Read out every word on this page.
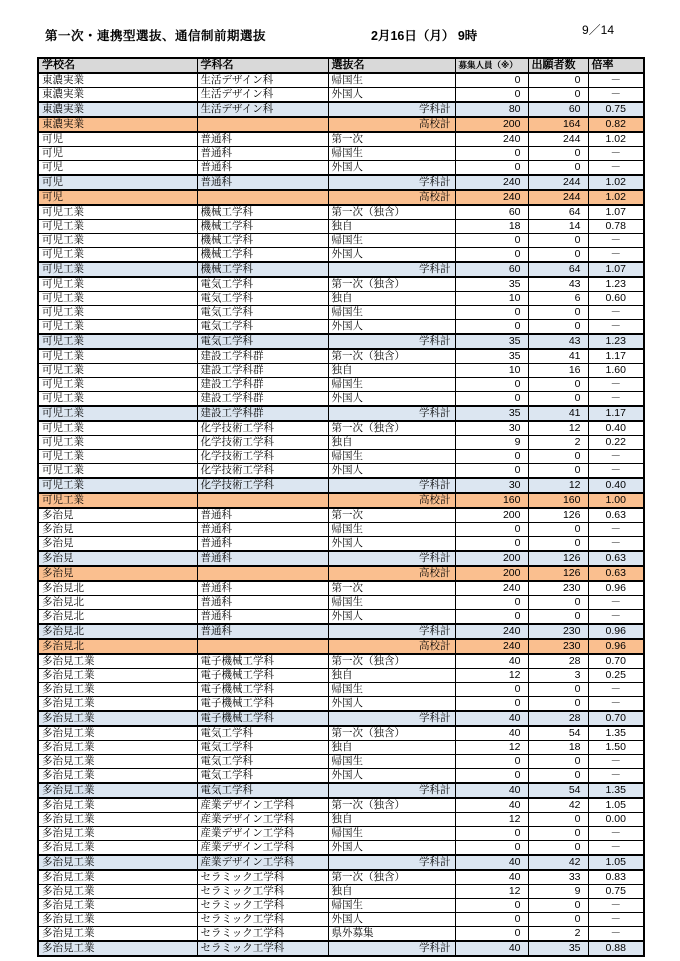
第一次・連携型選抜、通信制前期選抜	2月16日（月） 9時	9／14
学校名	学科名	選抜名	募集人員（※）	出願者数	倍率
東濃実業	生活デザイン科	帰国生	0	0	－
東濃実業	生活デザイン科	外国人	0	0	－
東濃実業	生活デザイン科	学科計	80	60	0.75
東濃実業		高校計	200	164	0.82
可児	普通科	第一次	240	244	1.02
可児	普通科	帰国生	0	0	－
可児	普通科	外国人	0	0	－
可児	普通科	学科計	240	244	1.02
可児		高校計	240	244	1.02
可児工業	機械工学科	第一次（独含）	60	64	1.07
可児工業	機械工学科	独自	18	14	0.78
可児工業	機械工学科	帰国生	0	0	－
可児工業	機械工学科	外国人	0	0	－
可児工業	機械工学科	学科計	60	64	1.07
可児工業	電気工学科	第一次（独含）	35	43	1.23
可児工業	電気工学科	独自	10	6	0.60
可児工業	電気工学科	帰国生	0	0	－
可児工業	電気工学科	外国人	0	0	－
可児工業	電気工学科	学科計	35	43	1.23
可児工業	建設工学科群	第一次（独含）	35	41	1.17
可児工業	建設工学科群	独自	10	16	1.60
可児工業	建設工学科群	帰国生	0	0	－
可児工業	建設工学科群	外国人	0	0	－
可児工業	建設工学科群	学科計	35	41	1.17
可児工業	化学技術工学科	第一次（独含）	30	12	0.40
可児工業	化学技術工学科	独自	9	2	0.22
可児工業	化学技術工学科	帰国生	0	0	－
可児工業	化学技術工学科	外国人	0	0	－
可児工業	化学技術工学科	学科計	30	12	0.40
可児工業		高校計	160	160	1.00
多治見	普通科	第一次	200	126	0.63
多治見	普通科	帰国生	0	0	－
多治見	普通科	外国人	0	0	－
多治見	普通科	学科計	200	126	0.63
多治見		高校計	200	126	0.63
多治見北	普通科	第一次	240	230	0.96
多治見北	普通科	帰国生	0	0	－
多治見北	普通科	外国人	0	0	－
多治見北	普通科	学科計	240	230	0.96
多治見北		高校計	240	230	0.96
多治見工業	電子機械工学科	第一次（独含）	40	28	0.70
多治見工業	電子機械工学科	独自	12	3	0.25
多治見工業	電子機械工学科	帰国生	0	0	－
多治見工業	電子機械工学科	外国人	0	0	－
多治見工業	電子機械工学科	学科計	40	28	0.70
多治見工業	電気工学科	第一次（独含）	40	54	1.35
多治見工業	電気工学科	独自	12	18	1.50
多治見工業	電気工学科	帰国生	0	0	－
多治見工業	電気工学科	外国人	0	0	－
多治見工業	電気工学科	学科計	40	54	1.35
多治見工業	産業デザイン工学科	第一次（独含）	40	42	1.05
多治見工業	産業デザイン工学科	独自	12	0	0.00
多治見工業	産業デザイン工学科	帰国生	0	0	－
多治見工業	産業デザイン工学科	外国人	0	0	－
多治見工業	産業デザイン工学科	学科計	40	42	1.05
多治見工業	セラミック工学科	第一次（独含）	40	33	0.83
多治見工業	セラミック工学科	独自	12	9	0.75
多治見工業	セラミック工学科	帰国生	0	0	－
多治見工業	セラミック工学科	外国人	0	0	－
多治見工業	セラミック工学科	県外募集	0	2	－
多治見工業	セラミック工学科	学科計	40	35	0.88
